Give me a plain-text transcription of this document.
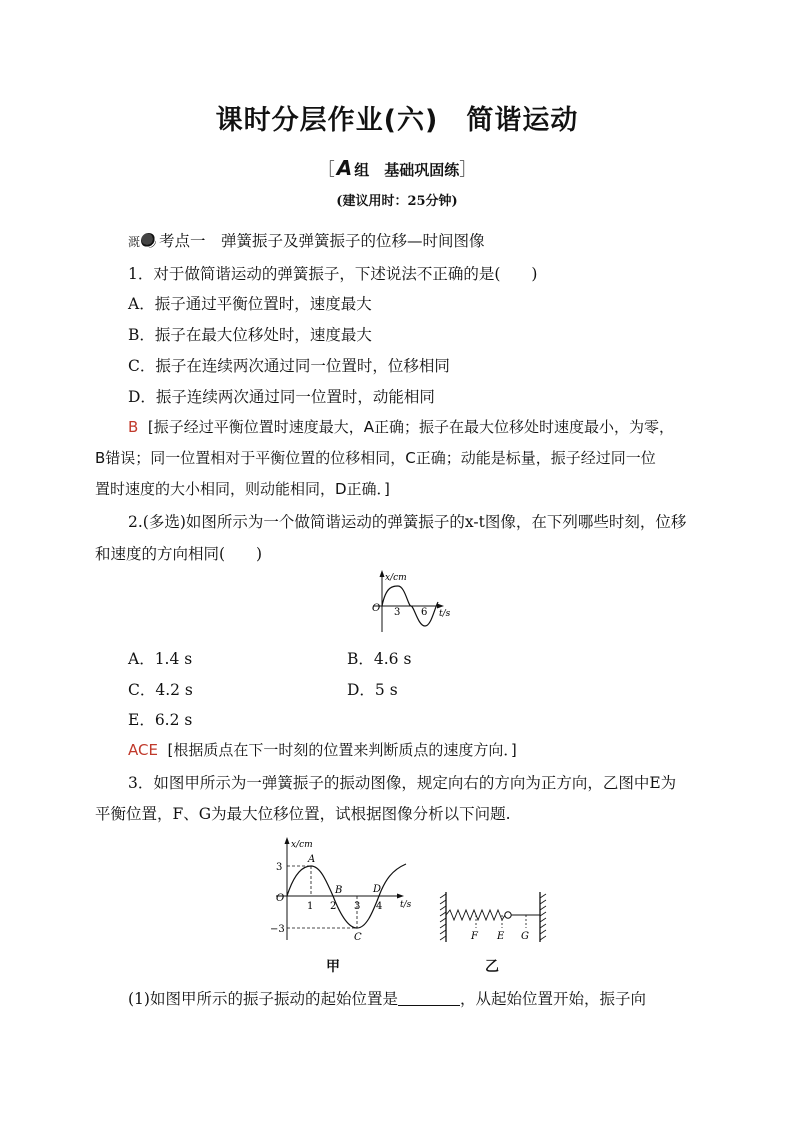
课时分层作业(六)　简谐运动
［ A 组　基础巩固练］
(建议用时：25分钟)
溉 考点一　弹簧振子及弹簧振子的位移—时间图像
1．对于做简谐运动的弹簧振子，下述说法不正确的是(　　)
A．振子通过平衡位置时，速度最大
B．振子在最大位移处时，速度最大
C．振子在连续两次通过同一位置时，位移相同
D．振子连续两次通过同一位置时，动能相同
B [振子经过平衡位置时速度最大，A正确；振子在最大位移处时速度最小，为零，
B错误；同一位置相对于平衡位置的位移相同，C正确；动能是标量，振子经过同一位
置时速度的大小相同，则动能相同，D正确．]
2.(多选)如图所示为一个做简谐运动的弹簧振子的x-t图像，在下列哪些时刻，位移
和速度的方向相同(　　)
x/cm
O 3 6 t/s
A．1.4 s	B．4.6 s
C．4.2 s	D．5 s
E．6.2 s
ACE [根据质点在下一时刻的位置来判断质点的速度方向．]
3．如图甲所示为一弹簧振子的振动图像，规定向右的方向为正方向，乙图中E为
平衡位置，F、G为最大位移位置，试根据图像分析以下问题.
x/cm
3
−3
O
1 2 3 4 t/s
A
B
C
D
F E G
甲	乙
(1)如图甲所示的振子振动的起始位置是	，从起始位置开始，振子向
